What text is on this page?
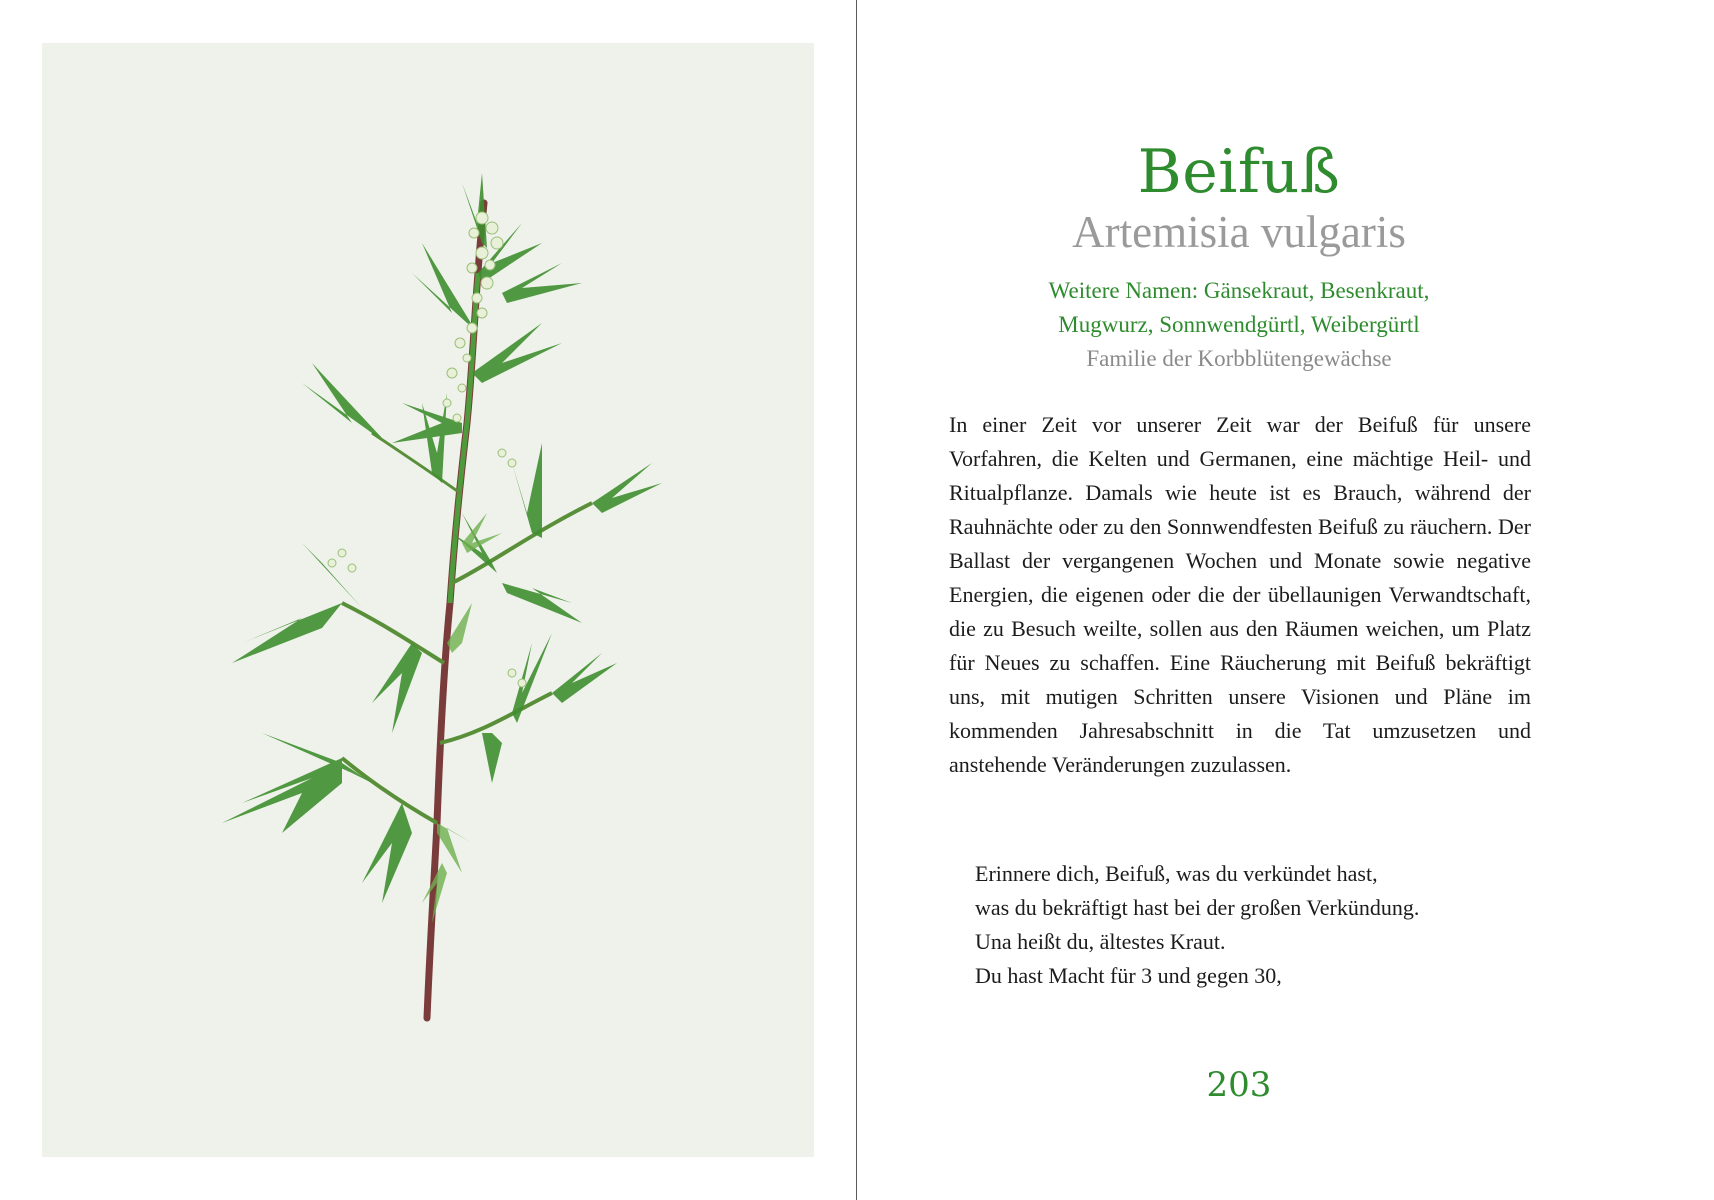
Beifuß
Artemisia vulgaris
Weitere Namen: Gänsekraut, Besenkraut,
Mugwurz, Sonnwendgürtl, Weibergürtl
Familie der Korbblütengewächse

In einer Zeit vor unserer Zeit war der Beifuß für unsere Vorfahren, die Kelten und Germanen, eine mächtige Heil- und Ritualpflanze. Damals wie heute ist es Brauch, während der Rauhnächte oder zu den Sonnwendfesten Beifuß zu räuchern. Der Ballast der vergangenen Wochen und Monate sowie negative Energien, die eigenen oder die der übellaunigen Verwandtschaft, die zu Besuch weilte, sollen aus den Räumen weichen, um Platz für Neues zu schaffen. Eine Räucherung mit Beifuß bekräftigt uns, mit mutigen Schritten unsere Visionen und Pläne im kommenden Jahresabschnitt in die Tat umzusetzen und anstehende Veränderungen zuzulassen.

Erinnere dich, Beifuß, was du verkündet hast,
was du bekräftigt hast bei der großen Verkündung.
Una heißt du, ältestes Kraut.
Du hast Macht für 3 und gegen 30,
203
